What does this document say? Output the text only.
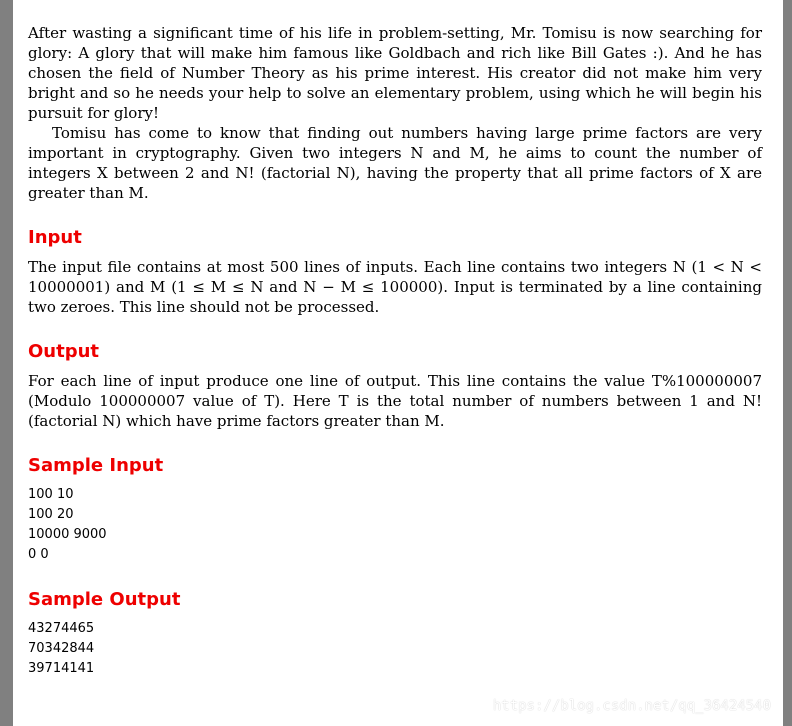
After wasting a significant time of his life in problem-setting, Mr. Tomisu is now searching for glory: A glory that will make him famous like Goldbach and rich like Bill Gates :). And he has chosen the field of Number Theory as his prime interest. His creator did not make him very bright and so he needs your help to solve an elementary problem, using which he will begin his pursuit for glory!

Tomisu has come to know that finding out numbers having large prime factors are very important in cryptography. Given two integers N and M, he aims to count the number of integers X between 2 and N! (factorial N), having the property that all prime factors of X are greater than M.

Input

The input file contains at most 500 lines of inputs. Each line contains two integers N (1 < N < 10000001) and M (1 ≤ M ≤ N and N − M ≤ 100000). Input is terminated by a line containing two zeroes. This line should not be processed.

Output

For each line of input produce one line of output. This line contains the value T%100000007 (Modulo 100000007 value of T). Here T is the total number of numbers between 1 and N! (factorial N) which have prime factors greater than M.

Sample Input
100 10
100 20
10000 9000
0 0
Sample Output
43274465
70342844
39714141
https://blog.csdn.net/qq_36424540
